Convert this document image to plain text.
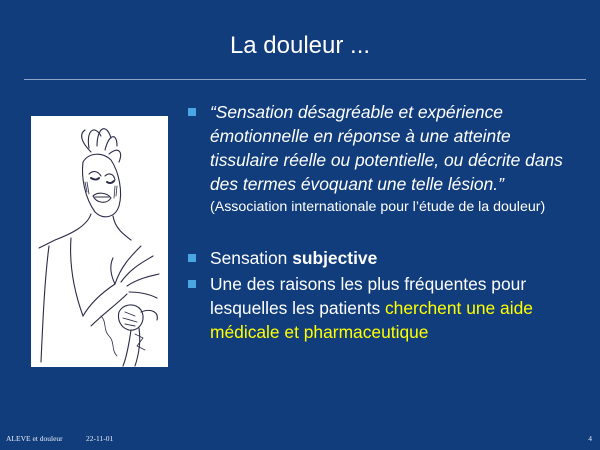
La douleur ...
“Sensation désagréable et expérience émotionnelle en réponse à une atteinte tissulaire réelle ou potentielle, ou décrite dans des termes évoquant une telle lésion.”
(Association internationale pour l’étude de la douleur)
Sensation subjective
Une des raisons les plus fréquentes pour lesquelles les patients cherchent une aide médicale et pharmaceutique
ALEVE et douleur	22-11-01	4
